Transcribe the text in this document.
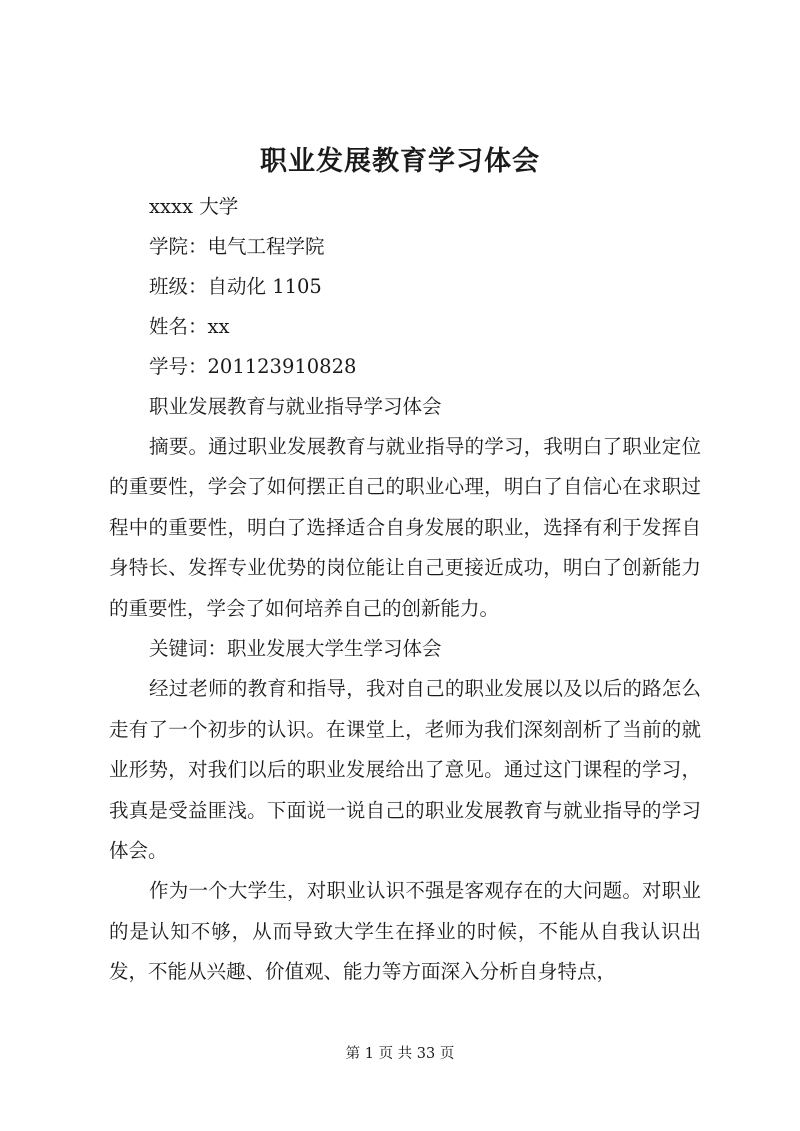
职业发展教育学习体会
xxxx 大学
学院：电气工程学院
班级：自动化 1105
姓名：xx
学号：201123910828
职业发展教育与就业指导学习体会

摘要。通过职业发展教育与就业指导的学习，我明白了职业定位的重要性，学会了如何摆正自己的职业心理，明白了自信心在求职过程中的重要性，明白了选择适合自身发展的职业，选择有利于发挥自身特长、发挥专业优势的岗位能让自己更接近成功，明白了创新能力的重要性，学会了如何培养自己的创新能力。

关键词：职业发展大学生学习体会

经过老师的教育和指导，我对自己的职业发展以及以后的路怎么走有了一个初步的认识。在课堂上，老师为我们深刻剖析了当前的就业形势，对我们以后的职业发展给出了意见。通过这门课程的学习，我真是受益匪浅。下面说一说自己的职业发展教育与就业指导的学习体会。

作为一个大学生，对职业认识不强是客观存在的大问题。对职业的是认知不够，从而导致大学生在择业的时候，不能从自我认识出发，不能从兴趣、价值观、能力等方面深入分析自身特点，

第 1 页 共 33 页
